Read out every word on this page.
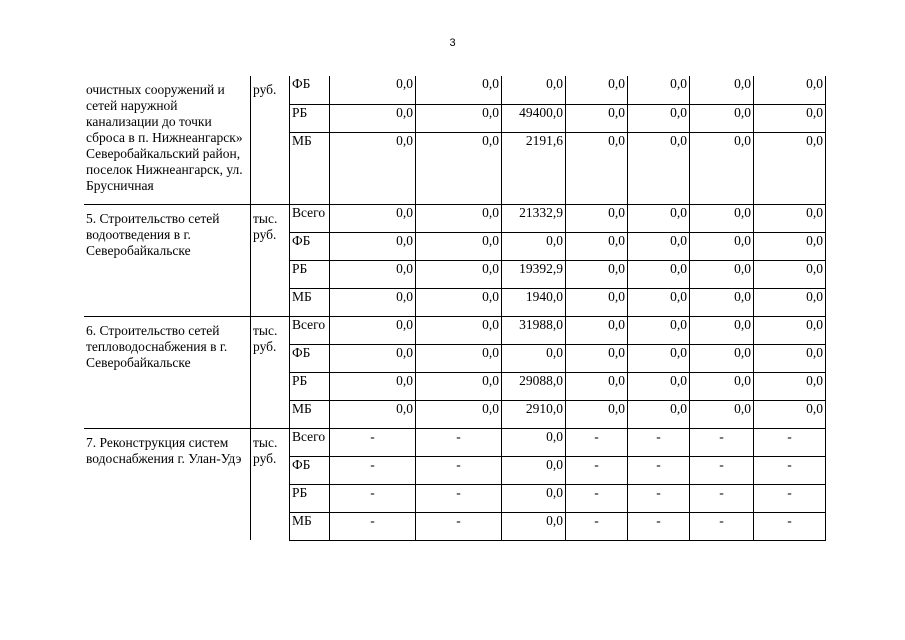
3
очистных сооружений и сетей наружной канализации до точки сброса в п. Нижнеангарск» Северобайкальский район, поселок Нижнеангарск, ул. Брусничная	руб.	ФБ	0,0	0,0	0,0	0,0	0,0	0,0	0,0
		РБ	0,0	0,0	49400,0	0,0	0,0	0,0	0,0
		МБ	0,0	0,0	2191,6	0,0	0,0	0,0	0,0
5. Строительство сетей водоотведения в г. Северобайкальске	тыс. руб.	Всего	0,0	0,0	21332,9	0,0	0,0	0,0	0,0
		ФБ	0,0	0,0	0,0	0,0	0,0	0,0	0,0
		РБ	0,0	0,0	19392,9	0,0	0,0	0,0	0,0
		МБ	0,0	0,0	1940,0	0,0	0,0	0,0	0,0
6. Строительство сетей тепловодоснабжения в г. Северобайкальске	тыс. руб.	Всего	0,0	0,0	31988,0	0,0	0,0	0,0	0,0
		ФБ	0,0	0,0	0,0	0,0	0,0	0,0	0,0
		РБ	0,0	0,0	29088,0	0,0	0,0	0,0	0,0
		МБ	0,0	0,0	2910,0	0,0	0,0	0,0	0,0
7. Реконструкция систем водоснабжения г. Улан-Удэ	тыс. руб.	Всего	-	-	0,0	-	-	-	-
		ФБ	-	-	0,0	-	-	-	-
		РБ	-	-	0,0	-	-	-	-
		МБ	-	-	0,0	-	-	-	-
